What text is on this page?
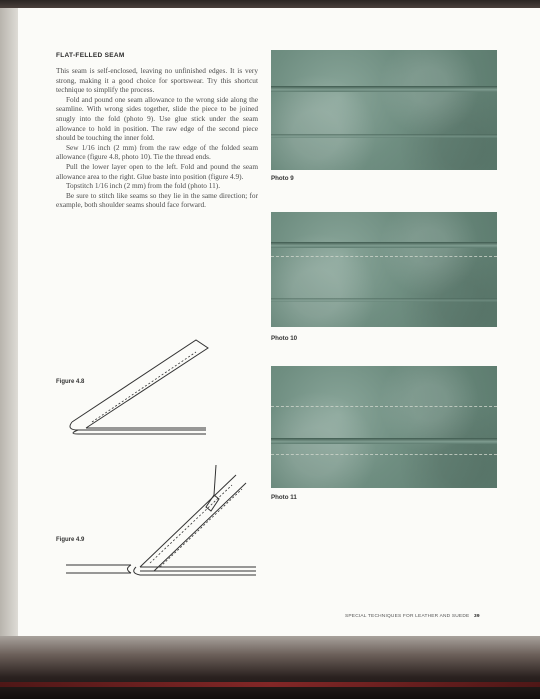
FLAT-FELLED SEAM

This seam is self-enclosed, leaving no unfinished edges. It is very strong, making it a good choice for sportswear. Try this shortcut technique to simplify the process.

Fold and pound one seam allowance to the wrong side along the seamline. With wrong sides together, slide the piece to be joined snugly into the fold (photo 9). Use glue stick under the seam allowance to hold in position. The raw edge of the second piece should be touching the inner fold.

Sew 1/16 inch (2 mm) from the raw edge of the folded seam allowance (figure 4.8, photo 10). Tie the thread ends.

Pull the lower layer open to the left. Fold and pound the seam allowance area to the right. Glue baste into position (figure 4.9).

Topstitch 1/16 inch (2 mm) from the fold (photo 11).

Be sure to stitch like seams so they lie in the same direction; for example, both shoulder seams should face forward.

Photo 9
Photo 10
Photo 11
Figure 4.8
Figure 4.9
SPECIAL TECHNIQUES FOR LEATHER AND SUEDE 39
